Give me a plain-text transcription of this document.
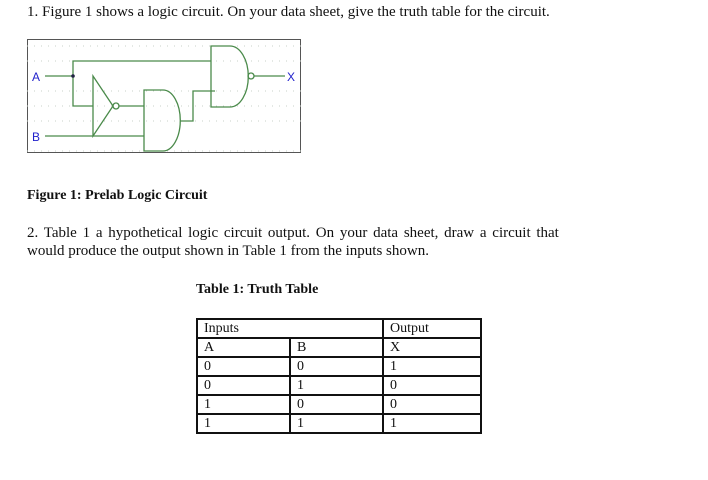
1. Figure 1 shows a logic circuit. On your data sheet, give the truth table for the circuit.
A
B
X
Figure 1: Prelab Logic Circuit
2. Table 1 a hypothetical logic circuit output. On your data sheet, draw a circuit that
would produce the output shown in Table 1 from the inputs shown.
Table 1: Truth Table
Inputs		Output
A	B	X
0	0	1
0	1	0
1	0	0
1	1	1
